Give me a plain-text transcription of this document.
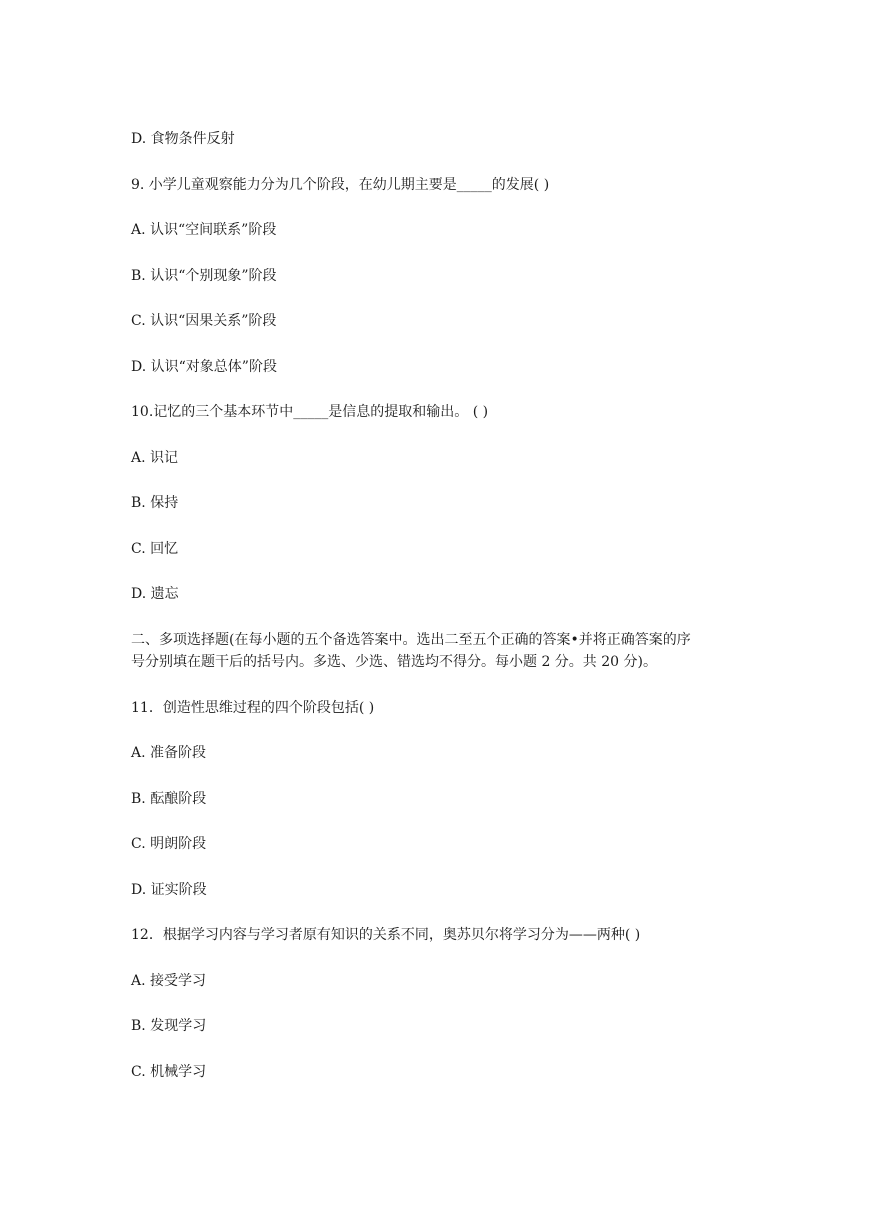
D. 食物条件反射
9. 小学儿童观察能力分为几个阶段，在幼儿期主要是_____的发展( )
A. 认识“空间联系”阶段
B. 认识“个别现象”阶段
C. 认识“因果关系”阶段
D. 认识“对象总体”阶段
10.记忆的三个基本环节中_____是信息的提取和输出。 ( )
A. 识记
B. 保持
C. 回忆
D. 遗忘
二、多项选择题(在每小题的五个备选答案中。选出二至五个正确的答案•并将正确答案的序
号分别填在题干后的括号内。多选、少选、错选均不得分。每小题 2 分。共 20 分)。
11．创造性思维过程的四个阶段包括( )
A. 准备阶段
B. 酝酿阶段
C. 明朗阶段
D. 证实阶段
12．根据学习内容与学习者原有知识的关系不同，奥苏贝尔将学习分为——两种( )
A. 接受学习
B. 发现学习
C. 机械学习
